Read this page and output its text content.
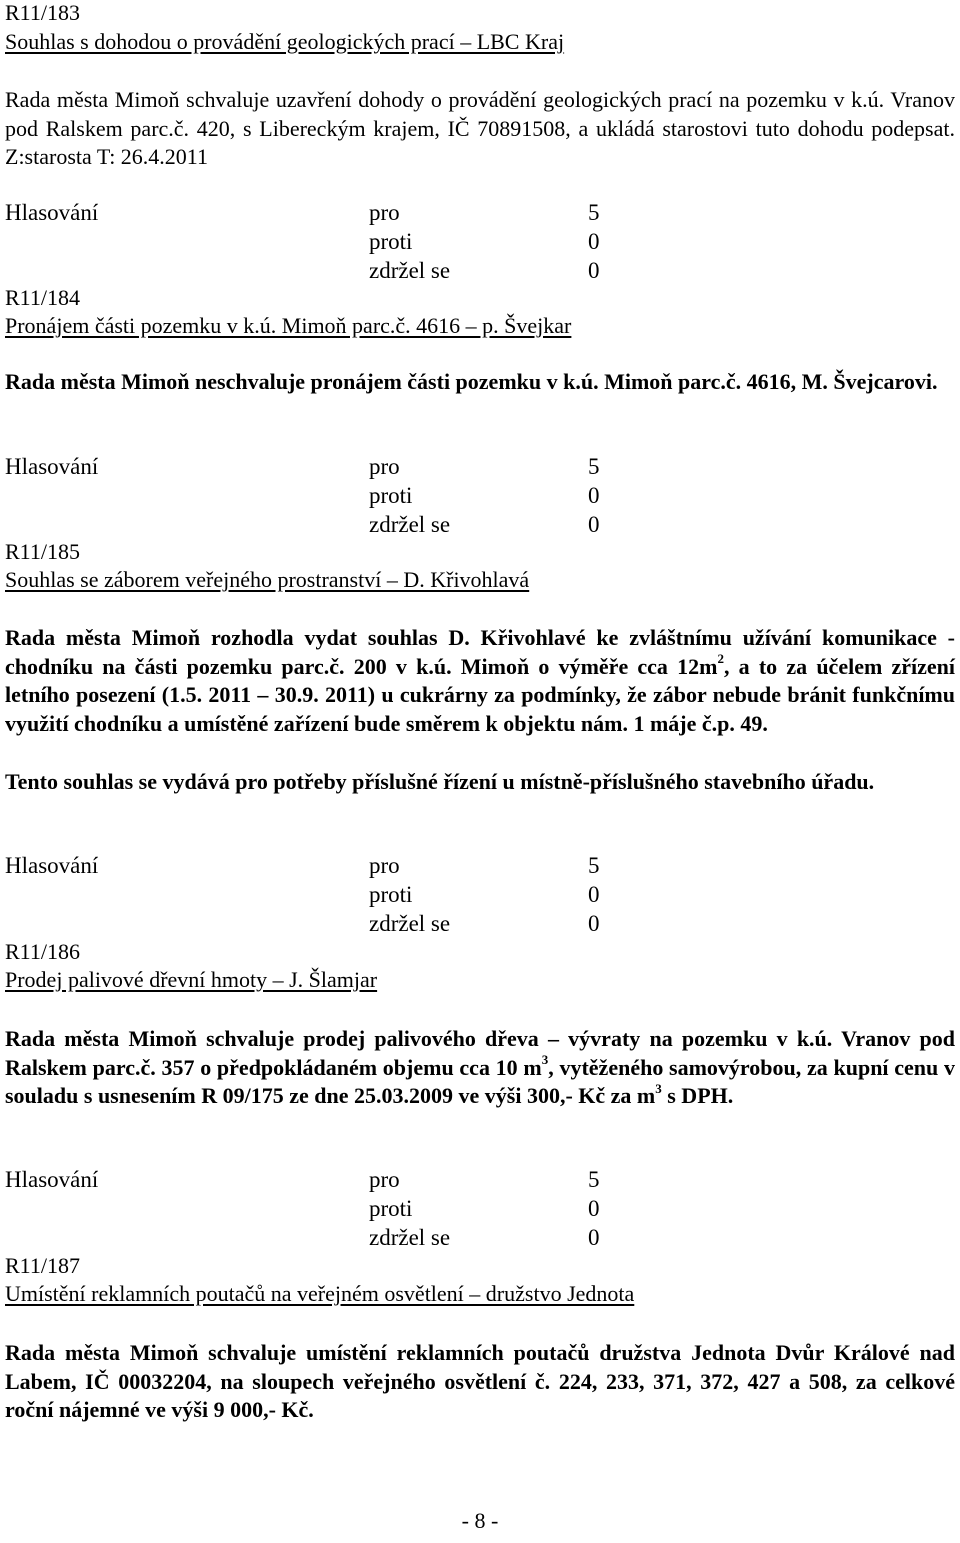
R11/183
Souhlas s dohodou o provádění geologických prací – LBC Kraj
Rada města Mimoň schvaluje uzavření dohody o provádění geologických prací na pozemku v k.ú. Vranov pod Ralskem parc.č. 420, s Libereckým krajem, IČ 70891508, a ukládá starostovi tuto dohodu podepsat. Z:starosta T: 26.4.2011
Hlasování	pro	5
proti	0
zdržel se	0
R11/184
Pronájem části pozemku v k.ú. Mimoň parc.č. 4616 – p. Švejkar
Rada města Mimoň neschvaluje pronájem části pozemku v k.ú. Mimoň parc.č. 4616, M. Švejcarovi.
Hlasování	pro	5
proti	0
zdržel se	0
R11/185
Souhlas se záborem veřejného prostranství – D. Křivohlavá
Rada města Mimoň rozhodla vydat souhlas D. Křivohlavé ke zvláštnímu užívání komunikace - chodníku na části pozemku parc.č. 200 v k.ú. Mimoň o výměře cca $12m^2$, a to za účelem zřízení letního posezení (1.5. 2011 – 30.9. 2011) u cukrárny za podmínky, že zábor nebude bránit funkčnímu využití chodníku a umístěné zařízení bude směrem k objektu nám. 1 máje č.p. 49.
Tento souhlas se vydává pro potřeby příslušné řízení u místně-příslušného stavebního úřadu.
Hlasování	pro	5
proti	0
zdržel se	0
R11/186
Prodej palivové dřevní hmoty – J. Šlamjar
Rada města Mimoň schvaluje prodej palivového dřeva – vývraty na pozemku v k.ú. Vranov pod Ralskem parc.č. 357 o předpokládaném objemu cca 10 $m^3$, vytěženého samovýrobou, za kupní cenu v souladu s usnesením R 09/175 ze dne 25.03.2009 ve výši 300,- Kč za $m^3$ s DPH.
Hlasování	pro	5
proti	0
zdržel se	0
R11/187
Umístění reklamních poutačů na veřejném osvětlení – družstvo Jednota
Rada města Mimoň schvaluje umístění reklamních poutačů družstva Jednota Dvůr Králové nad Labem, IČ 00032204, na sloupech veřejného osvětlení č. 224, 233, 371, 372, 427 a 508, za celkové roční nájemné ve výši 9 000,- Kč.
- 8 -
